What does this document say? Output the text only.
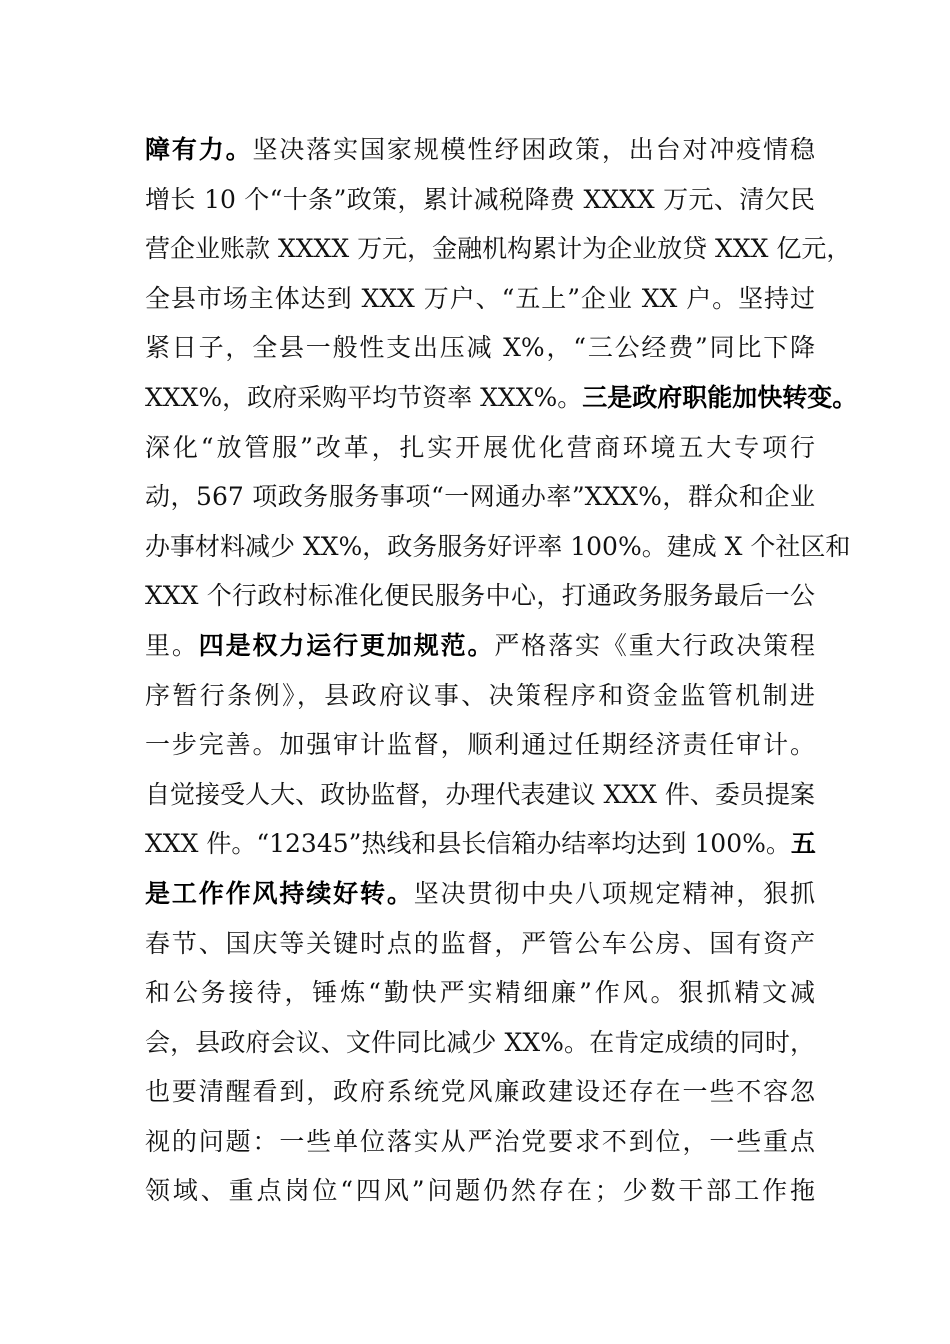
障有力。坚决落实国家规模性纾困政策，出台对冲疫情稳
增长 10 个“十条”政策，累计减税降费 XXXX 万元、清欠民
营企业账款 XXXX 万元，金融机构累计为企业放贷 XXX 亿元，
全县市场主体达到 XXX 万户、“五上”企业 XX 户。坚持过
紧日子，全县一般性支出压减 X%，“三公经费”同比下降
XXX%，政府采购平均节资率 XXX%。三是政府职能加快转变。
深化“放管服”改革，扎实开展优化营商环境五大专项行
动，567 项政务服务事项“一网通办率”XXX%，群众和企业
办事材料减少 XX%，政务服务好评率 100%。建成 X 个社区和
XXX 个行政村标准化便民服务中心，打通政务服务最后一公
里。四是权力运行更加规范。严格落实《重大行政决策程
序暂行条例》，县政府议事、决策程序和资金监管机制进
一步完善。加强审计监督，顺利通过任期经济责任审计。
自觉接受人大、政协监督，办理代表建议 XXX 件、委员提案
XXX 件。“12345”热线和县长信箱办结率均达到 100%。五
是工作作风持续好转。坚决贯彻中央八项规定精神，狠抓
春节、国庆等关键时点的监督，严管公车公房、国有资产
和公务接待，锤炼“勤快严实精细廉”作风。狠抓精文减
会，县政府会议、文件同比减少 XX%。在肯定成绩的同时，
也要清醒看到，政府系统党风廉政建设还存在一些不容忽
视的问题：一些单位落实从严治党要求不到位，一些重点
领域、重点岗位“四风”问题仍然存在；少数干部工作拖
